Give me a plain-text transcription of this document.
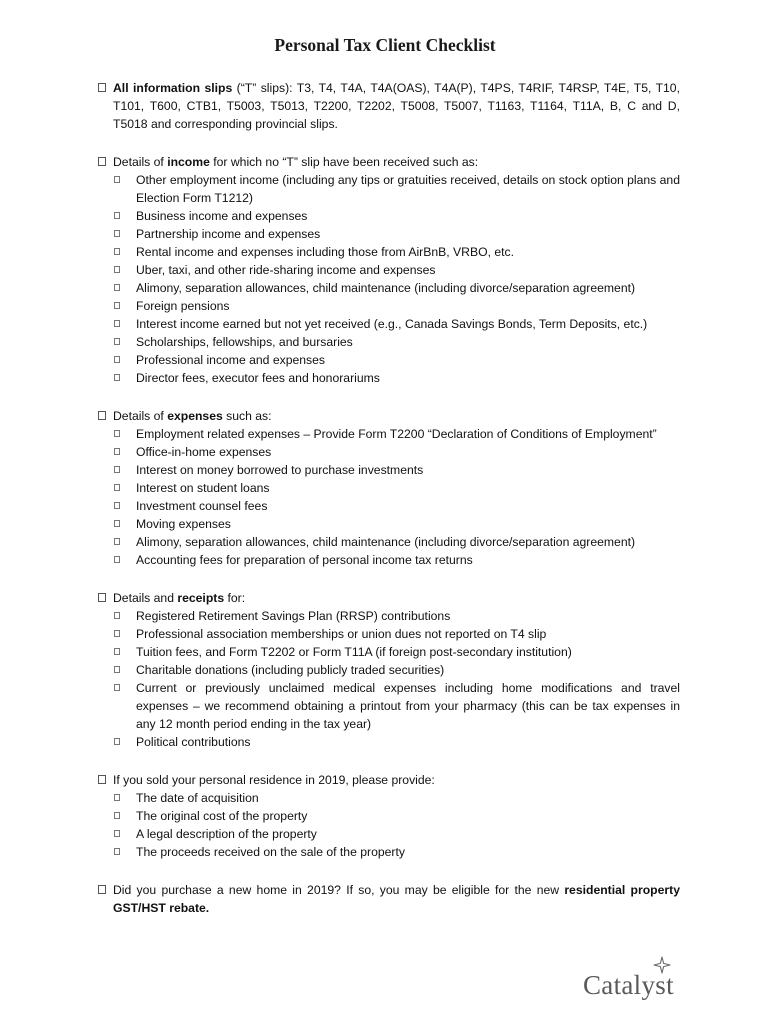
Personal Tax Client Checklist
All information slips (“T” slips): T3, T4, T4A, T4A(OAS), T4A(P), T4PS, T4RIF, T4RSP, T4E, T5, T10, T101, T600, CTB1, T5003, T5013, T2200, T2202, T5008, T5007, T1163, T1164, T11A, B, C and D, T5018 and corresponding provincial slips.
Details of income for which no “T” slip have been received such as:
Other employment income (including any tips or gratuities received, details on stock option plans and Election Form T1212)
Business income and expenses
Partnership income and expenses
Rental income and expenses including those from AirBnB, VRBO, etc.
Uber, taxi, and other ride-sharing income and expenses
Alimony, separation allowances, child maintenance (including divorce/separation agreement)
Foreign pensions
Interest income earned but not yet received (e.g., Canada Savings Bonds, Term Deposits, etc.)
Scholarships, fellowships, and bursaries
Professional income and expenses
Director fees, executor fees and honorariums
Details of expenses such as:
Employment related expenses – Provide Form T2200 “Declaration of Conditions of Employment”
Office-in-home expenses
Interest on money borrowed to purchase investments
Interest on student loans
Investment counsel fees
Moving expenses
Alimony, separation allowances, child maintenance (including divorce/separation agreement)
Accounting fees for preparation of personal income tax returns
Details and receipts for:
Registered Retirement Savings Plan (RRSP) contributions
Professional association memberships or union dues not reported on T4 slip
Tuition fees, and Form T2202 or Form T11A (if foreign post-secondary institution)
Charitable donations (including publicly traded securities)
Current or previously unclaimed medical expenses including home modifications and travel expenses – we recommend obtaining a printout from your pharmacy (this can be tax expenses in any 12 month period ending in the tax year)
Political contributions
If you sold your personal residence in 2019, please provide:
The date of acquisition
The original cost of the property
A legal description of the property
The proceeds received on the sale of the property
Did you purchase a new home in 2019? If so, you may be eligible for the new residential property GST/HST rebate.
Catalyst
